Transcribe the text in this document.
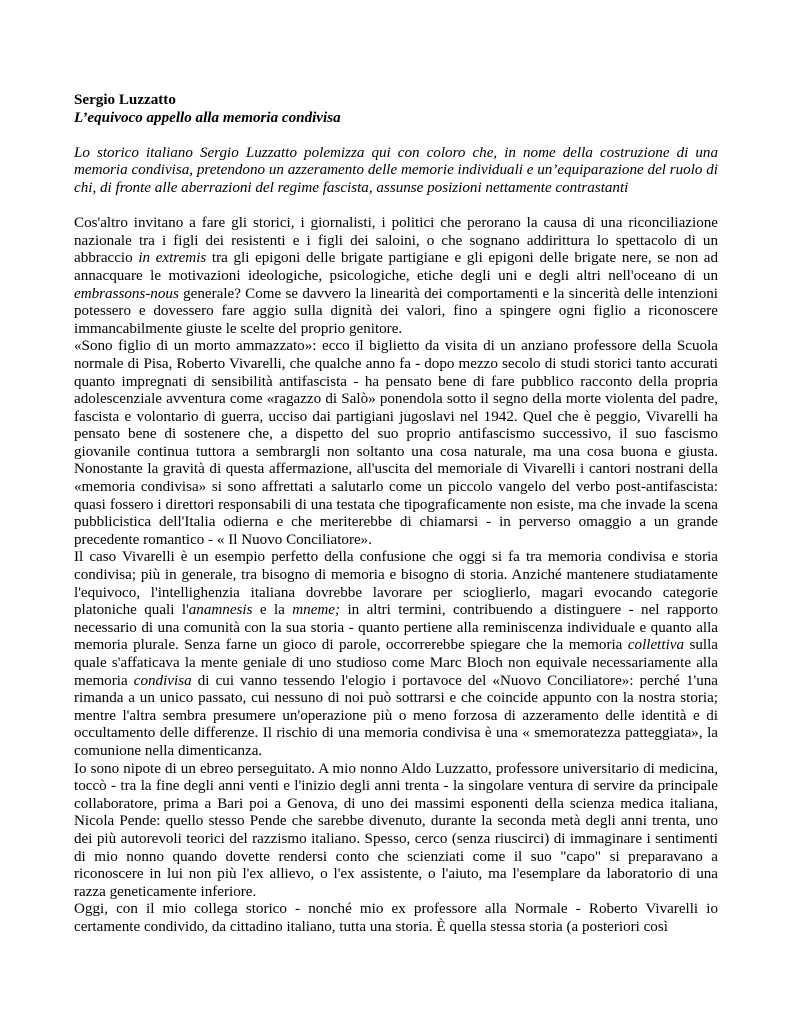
Sergio Luzzatto

L’equivoco appello alla memoria condivisa

Lo storico italiano Sergio Luzzatto polemizza qui con coloro che, in nome della costruzione di una memoria condivisa, pretendono un azzeramento delle memorie individuali e un’equiparazione del ruolo di chi, di fronte alle aberrazioni del regime fascista, assunse posizioni nettamente contrastanti

Cos'altro invitano a fare gli storici, i giornalisti, i politici che perorano la causa di una riconciliazione nazionale tra i figli dei resistenti e i figli dei saloini, o che sognano addirittura lo spettacolo di un abbraccio in extremis tra gli epigoni delle brigate partigiane e gli epigoni delle brigate nere, se non ad annacquare le motivazioni ideologiche, psicologiche, etiche degli uni e degli altri nell'oceano di un embrassons-nous generale? Come se davvero la linearità dei comportamenti e la sincerità delle intenzioni potessero e dovessero fare aggio sulla dignità dei valori, fino a spingere ogni figlio a riconoscere immancabilmente giuste le scelte del proprio genitore.

«Sono figlio di un morto ammazzato»: ecco il biglietto da visita di un anziano professore della Scuola normale di Pisa, Roberto Vivarelli, che qualche anno fa - dopo mezzo secolo di studi storici tanto accurati quanto impregnati di sensibilità antifascista - ha pensato bene di fare pubblico racconto della propria adolescenziale avventura come «ragazzo di Salò» ponendola sotto il segno della morte violenta del padre, fascista e volontario di guerra, ucciso dai partigiani jugoslavi nel 1942. Quel che è peggio, Vivarelli ha pensato bene di sostenere che, a dispetto del suo proprio antifascismo successivo, il suo fascismo giovanile continua tuttora a sembrargli non soltanto una cosa naturale, ma una cosa buona e giusta. Nonostante la gravità di questa affermazione, all'uscita del memoriale di Vivarelli i cantori nostrani della «memoria condivisa» si sono affrettati a salutarlo come un piccolo vangelo del verbo post-antifascista: quasi fossero i direttori responsabili di una testata che tipograficamente non esiste, ma che invade la scena pubblicistica dell'Italia odierna e che meriterebbe di chiamarsi - in perverso omaggio a un grande precedente romantico - « Il Nuovo Conciliatore».

Il caso Vivarelli è un esempio perfetto della confusione che oggi si fa tra memoria condivisa e storia condivisa; più in generale, tra bisogno di memoria e bisogno di storia. Anziché mantenere studiatamente l'equivoco, l'intellighenzia italiana dovrebbe lavorare per scioglierlo, magari evocando categorie platoniche quali l'anamnesis e la mneme; in altri termini, contribuendo a distinguere - nel rapporto necessario di una comunità con la sua storia - quanto pertiene alla reminiscenza individuale e quanto alla memoria plurale. Senza farne un gioco di parole, occorrerebbe spiegare che la memoria collettiva sulla quale s'affaticava la mente geniale di uno studioso come Marc Bloch non equivale necessariamente alla memoria condivisa di cui vanno tessendo l'elogio i portavoce del «Nuovo Conciliatore»: perché 1'una rimanda a un unico passato, cui nessuno di noi può sottrarsi e che coincide appunto con la nostra storia; mentre l'altra sembra presumere un'operazione più o meno forzosa di azzeramento delle identità e di occultamento delle differenze. Il rischio di una memoria condivisa è una « smemoratezza patteggiata», la comunione nella dimenticanza.

Io sono nipote di un ebreo perseguitato. A mio nonno Aldo Luzzatto, professore universitario di medicina, toccò - tra la fine degli anni venti e l'inizio degli anni trenta - la singolare ventura di servire da principale collaboratore, prima a Bari poi a Genova, di uno dei massimi esponenti della scienza medica italiana, Nicola Pende: quello stesso Pende che sarebbe divenuto, durante la seconda metà degli anni trenta, uno dei più autorevoli teorici del razzismo italiano. Spesso, cerco (senza riuscirci) di immaginare i sentimenti di mio nonno quando dovette rendersi conto che scienziati come il suo "capo" si preparavano a riconoscere in lui non più l'ex allievo, o l'ex assistente, o l'aiuto, ma l'esemplare da laboratorio di una razza geneticamente inferiore.

Oggi, con il mio collega storico - nonché mio ex professore alla Normale - Roberto Vivarelli io certamente condivido, da cittadino italiano, tutta una storia. È quella stessa storia (a posteriori così
